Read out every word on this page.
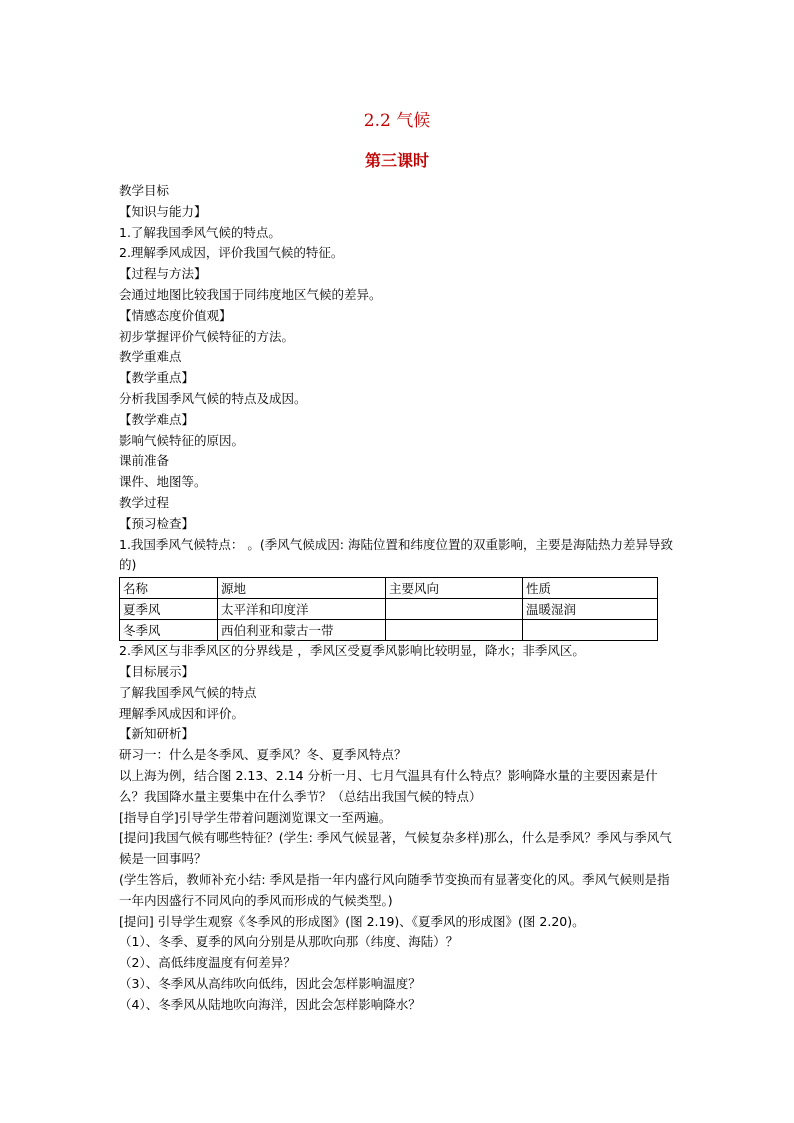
2.2 气候
第三课时

教学目标

【知识与能力】

1.了解我国季风气候的特点。

2.理解季风成因，评价我国气候的特征。

【过程与方法】

会通过地图比较我国于同纬度地区气候的差异。

【情感态度价值观】

初步掌握评价气候特征的方法。

教学重难点

【教学重点】

分析我国季风气候的特点及成因。

【教学难点】

影响气候特征的原因。

课前准备

课件、地图等。

教学过程

【预习检查】

1.我国季风气候特点： 。(季风气候成因: 海陆位置和纬度位置的双重影响，主要是海陆热力差异导致的)

名称	源地	主要风向	性质
夏季风	太平洋和印度洋		温暖湿润
冬季风	西伯利亚和蒙古一带		

2.季风区与非季风区的分界线是 ，季风区受夏季风影响比较明显，降水；非季风区。

【目标展示】

了解我国季风气候的特点

理解季风成因和评价。

【新知研析】

研习一：什么是冬季风、夏季风？冬、夏季风特点？

以上海为例，结合图 2.13、2.14 分析一月、七月气温具有什么特点？影响降水量的主要因素是什么？我国降水量主要集中在什么季节？（总结出我国气候的特点）

[指导自学]引导学生带着问题浏览课文一至两遍。

[提问]我国气候有哪些特征？(学生: 季风气候显著，气候复杂多样)那么，什么是季风？季风与季风气候是一回事吗？

(学生答后，教师补充小结: 季风是指一年内盛行风向随季节变换而有显著变化的风。季风气候则是指一年内因盛行不同风向的季风而形成的气候类型。)

[提问] 引导学生观察《冬季风的形成图》(图 2.19)、《夏季风的形成图》(图 2.20)。

（1）、冬季、夏季的风向分别是从那吹向那（纬度、海陆）？

（2）、高低纬度温度有何差异？

（3）、冬季风从高纬吹向低纬，因此会怎样影响温度？

（4）、冬季风从陆地吹向海洋，因此会怎样影响降水？
